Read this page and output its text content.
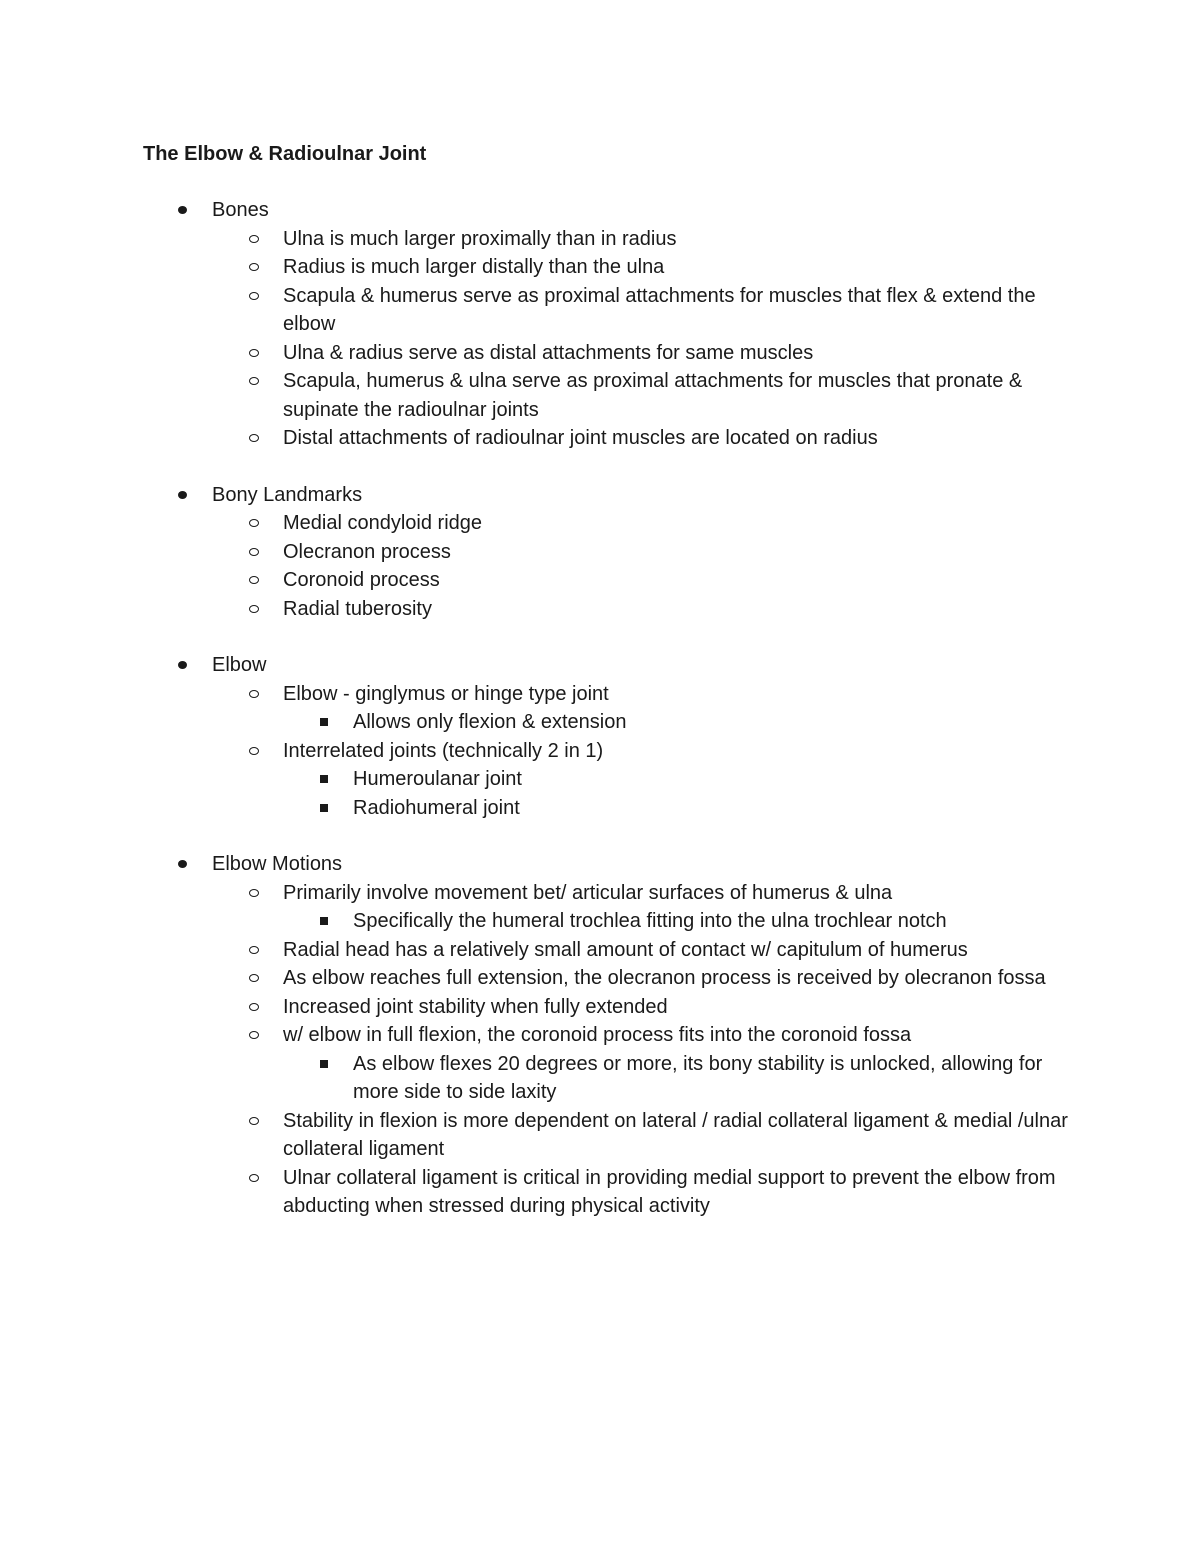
The Elbow & Radioulnar Joint
Bones
Ulna is much larger proximally than in radius
Radius is much larger distally than the ulna
Scapula & humerus serve as proximal attachments for muscles that flex & extend the elbow
Ulna & radius serve as distal attachments for same muscles
Scapula, humerus & ulna serve as proximal attachments for muscles that pronate & supinate the radioulnar joints
Distal attachments of radioulnar joint muscles are located on radius
Bony Landmarks
Medial condyloid ridge
Olecranon process
Coronoid process
Radial tuberosity
Elbow
Elbow - ginglymus or hinge type joint
Allows only flexion & extension
Interrelated joints (technically 2 in 1)
Humeroulanar joint
Radiohumeral joint
Elbow Motions
Primarily involve movement bet/ articular surfaces of humerus & ulna
Specifically the humeral trochlea fitting into the ulna trochlear notch
Radial head has a relatively small amount of contact w/ capitulum of humerus
As elbow reaches full extension, the olecranon process is received by olecranon fossa
Increased joint stability when fully extended
w/ elbow in full flexion, the coronoid process fits into the coronoid fossa
As elbow flexes 20 degrees or more, its bony stability is unlocked, allowing for more side to side laxity
Stability in flexion is more dependent on lateral / radial collateral ligament & medial /ulnar collateral ligament
Ulnar collateral ligament is critical in providing medial support to prevent the elbow from abducting when stressed during physical activity
